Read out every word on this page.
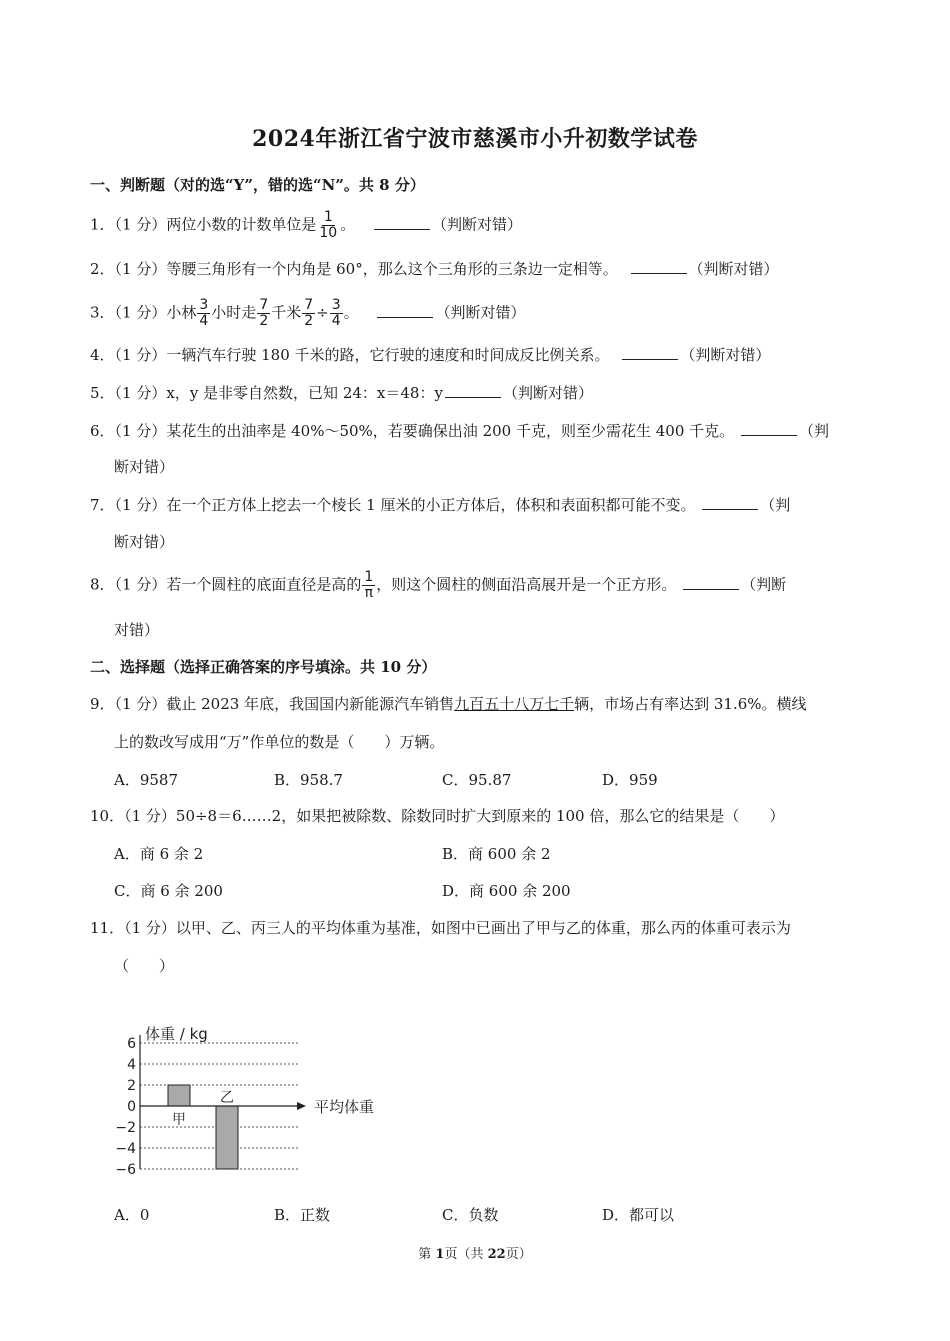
2024年浙江省宁波市慈溪市小升初数学试卷
一、判断题（对的选“Y”，错的选“N”。共 8 分）
1．（1 分）两位小数的计数单位是 $\frac{1}{10}$ 。	（判断对错）
2．（1 分）等腰三角形有一个内角是 60°，那么这个三角形的三条边一定相等。	（判断对错）
3．（1 分）小林 $\frac{3}{4}$ 小时走 $\frac{7}{2}$ 千米 $\frac{7}{2} \div \frac{3}{4}$ 。	（判断对错）
4．（1 分）一辆汽车行驶 180 千米的路，它行驶的速度和时间成反比例关系。	（判断对错）
5．（1 分）x，y 是非零自然数，已知 24：x＝48：y	（判断对错）
6．（1 分）某花生的出油率是 40%～50%，若要确保出油 200 千克，则至少需花生 400 千克。	（判
断对错）
7．（1 分）在一个正方体上挖去一个棱长 1 厘米的小正方体后，体积和表面积都可能不变。	（判
断对错）
8．（1 分）若一个圆柱的底面直径是高的 $\frac{1}{\pi}$ ，则这个圆柱的侧面沿高展开是一个正方形。	（判断
对错）
二、选择题（选择正确答案的序号填涂。共 10 分）
9．（1 分）截止 2023 年底，我国国内新能源汽车销售九百五十八万七千辆，市场占有率达到 31.6%。横线
上的数改写成用“万”作单位的数是（　　）万辆。
A．9587	B．958.7	C．95.87	D．959
10．（1 分）50÷8＝6……2，如果把被除数、除数同时扩大到原来的 100 倍，那么它的结果是（　　）
A．商 6 余 2	B．商 600 余 2
C．商 6 余 200	D．商 600 余 200
11．（1 分）以甲、乙、丙三人的平均体重为基准，如图中已画出了甲与乙的体重，那么丙的体重可表示为
（　　）
6
4
2
0
−2
−4
−6
体重 / kg
平均体重
甲
乙
A．0	B．正数	C．负数	D．都可以
第 1页（共 22页）
